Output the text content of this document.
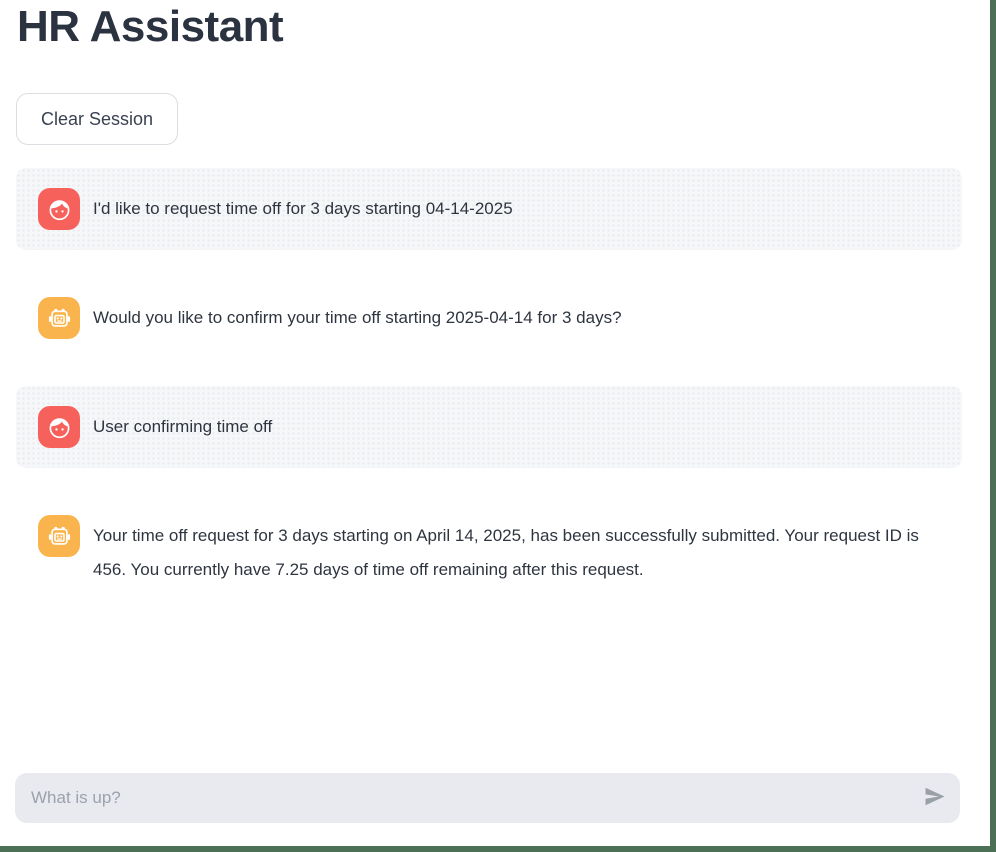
HR Assistant
Clear Session
I'd like to request time off for 3 days starting 04-14-2025
Would you like to confirm your time off starting 2025-04-14 for 3 days?
User confirming time off
Your time off request for 3 days starting on April 14, 2025, has been successfully submitted. Your request ID is 456. You currently have 7.25 days of time off remaining after this request.
What is up?
